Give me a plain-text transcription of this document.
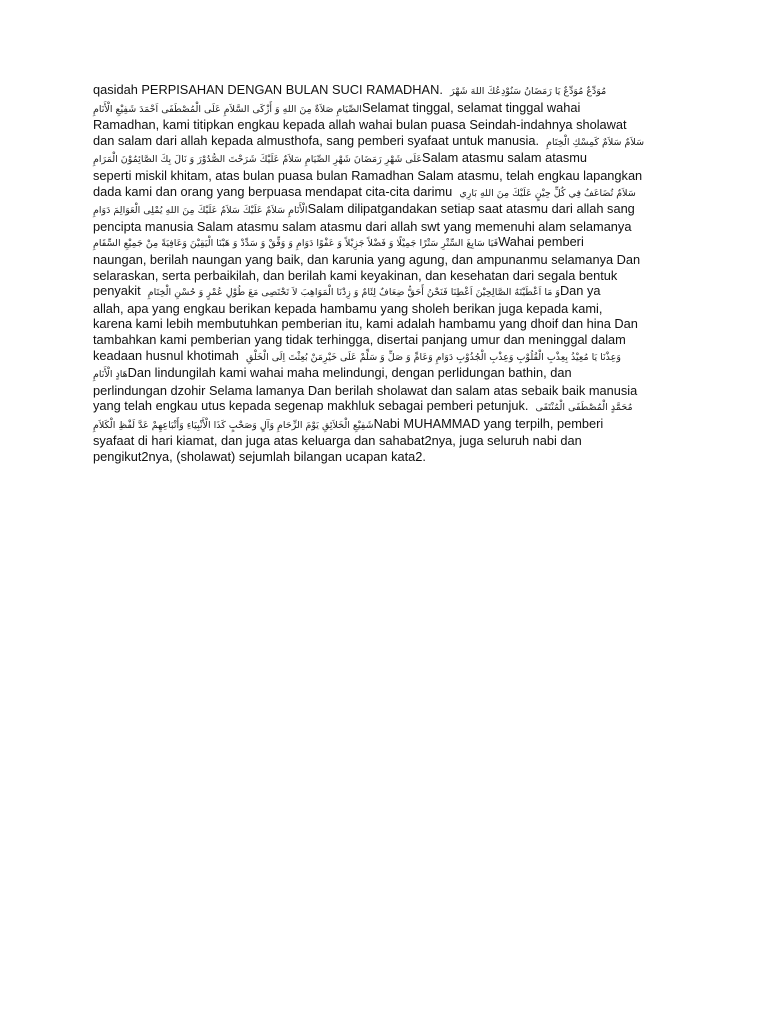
qasidah PERPISAHAN DENGAN BULAN SUCI RAMADHAN. مُوَدِّعٌ مُوَدِّعٌ يَا رَمَضَانُ سَنُوْدِعُكَ اللهَ شَهْرَ
الصِّيَامِ صَلاَةٌ مِنَ اللهِ وَ أَزْكَى السَّلاَمِ عَلَى الْمُصْطَفَى اَحْمَدَ شَفِيْعِ الْأَنَامِSelamat tinggal, selamat tinggal wahai
Ramadhan, kami titipkan engkau kepada allah wahai bulan puasa Seindah-indahnya sholawat
dan salam dari allah kepada almusthofa, sang pemberi syafaat untuk manusia. سَلاَمٌ سَلاَمٌ كَمِسْكِ الْخِتَامِ
عَلَى شَهْرِ رَمَضَانَ شَهْرِ الصِّيَامِ سَلاَمٌ عَلَيْكَ شَرَحْتَ الصُّدُوْرَ وَ نَالَ بِكَ الصَّائِمُوْنَ الْمَرَامِSalam atasmu salam atasmu
seperti miskil khitam, atas bulan puasa bulan Ramadhan Salam atasmu, telah engkau lapangkan
dada kami dan orang yang berpuasa mendapat cita-cita darimu سَلاَمٌ تُضَاعَفُ فِي كُلِّ حِيْنٍ عَلَيْكَ مِنَ اللهِ بَارِي
الْأَنَامِ سَلاَمٌ عَلَيْكَ سَلاَمٌ عَلَيْكَ مِنَ اللهِ يُمْلِى الْعَوَالِمَ دَوَامِSalam dilipatgandakan setiap saat atasmu dari allah sang
pencipta manusia Salam atasmu salam atasmu dari allah swt yang memenuhi alam selamanya
فَيَا سَابِغَ السِّتْرِ سَتْرًا جَمِيْلًا وَ فَضْلاً جَزِيْلاً وَ عَفْوًا دَوَامِ وَ وَفِّقْ وَ سَدِّدْ وَ هَبْنَا الْيَقِيْنَ وَعَافِيَةً مِنْ جَمِيْعِ السِّقَامِWahai pemberi
naungan, berilah naungan yang baik, dan karunia yang agung, dan ampunanmu selamanya Dan
selaraskan, serta perbaikilah, dan berilah kami keyakinan, dan kesehatan dari segala bentuk
penyakit وَ مَا اَعْطَيْتَهُ الصَّالِحِيْنَ اَعْطِنَا فَنَحْنُ أَحَقُّ ضِعَافٌ لِئَامٌ وَ زِدْنَا الْمَوَاهِبَ لاَ تَحْتَصِى مَعَ طُوْلِ عُمْرٍ وَ حُسْنِ الْخِتَامِDan ya
allah, apa yang engkau berikan kepada hambamu yang sholeh berikan juga kepada kami,
karena kami lebih membutuhkan pemberian itu, kami adalah hambamu yang dhoif dan hina Dan
tambahkan kami pemberian yang tidak terhingga, disertai panjang umur dan meninggal dalam
keadaan husnul khotimah وَعِذْنَا يَا مُعِيْذُ بِعِذْبِ الْقُلُوْبِ وَعِذْبِ الْجُذُوْبِ دَوَامِ وَعَامِّ وَ صَلِّ وَ سَلِّمْ عَلَى خَيْرِمَنْ بُعِثْتَ اِلَى الْخَلْقِ
هَادٍ الْأَنَامِDan lindungilah kami wahai maha melindungi, dengan perlidungan bathin, dan
perlindungan dzohir Selama lamanya Dan berilah sholawat dan salam atas sebaik baik manusia
yang telah engkau utus kepada segenap makhluk sebagai pemberi petunjuk. مُحَمَّدٍ الْمُصْطَفَى الْمُنْتَقَى
شَفِيْعِ الْخَلاَئِقِ يَوْمَ الزِّحَامِ وَآلٍ وَصَحْبٍ كَذَا الْأَنْبِيَاءِ وَأَتْبَاعِهِمْ عَدَّ لَفْظِ الْكَلاَمِNabi MUHAMMAD yang terpilh, pemberi
syafaat di hari kiamat, dan juga atas keluarga dan sahabat2nya, juga seluruh nabi dan
pengikut2nya, (sholawat) sejumlah bilangan ucapan kata2.
